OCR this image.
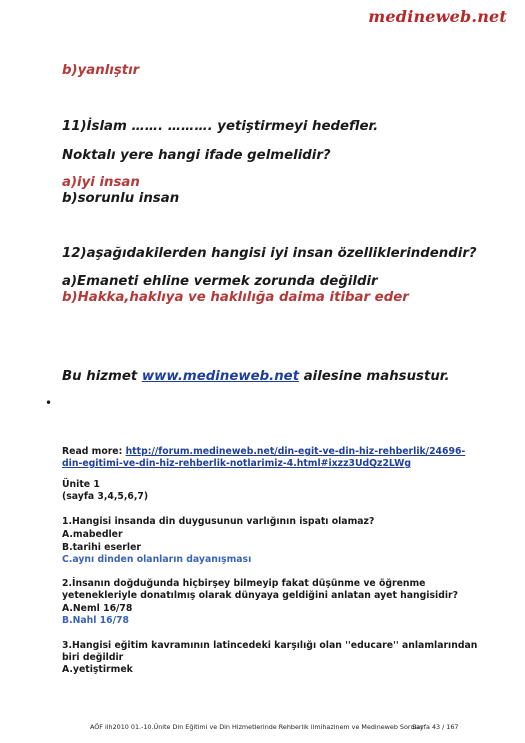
medineweb.net
b)yanlıştır
11)İslam ……. ………. yetiştirmeyi hedefler.
Noktalı yere hangi ifade gelmelidir?
a)iyi insan
b)sorunlu insan
12)aşağıdakilerden hangisi iyi insan özelliklerindendir?
a)Emaneti ehline vermek zorunda değildir
b)Hakka,haklıya ve haklılığa daima itibar eder
Bu hizmet www.medineweb.net ailesine mahsustur.
•
Read more: http://forum.medineweb.net/din-egit-ve-din-hiz-rehberlik/24696-
din-egitimi-ve-din-hiz-rehberlik-notlarimiz-4.html#ixzz3UdQz2LWg
Ünite 1
(sayfa 3,4,5,6,7)
1.Hangisi insanda din duygusunun varlığının ispatı olamaz?
A.mabedler
B.tarihi eserler
C.aynı dinden olanların dayanışması
2.İnsanın doğduğunda hiçbirşey bilmeyip fakat düşünme ve öğrenme
yetenekleriyle donatılmış olarak dünyaya geldiğini anlatan ayet hangisidir?
A.Neml 16/78
B.Nahl 16/78
3.Hangisi eğitim kavramının latincedeki karşılığı olan ''educare'' anlamlarından
biri değildir
A.yetiştirmek
AÖF ilh2010 01.-10.Ünite Din Eğitimi ve Din Hizmetlerinde Rehberlik ilmihazinem ve Medineweb Sorular
Sayfa 43 / 167
